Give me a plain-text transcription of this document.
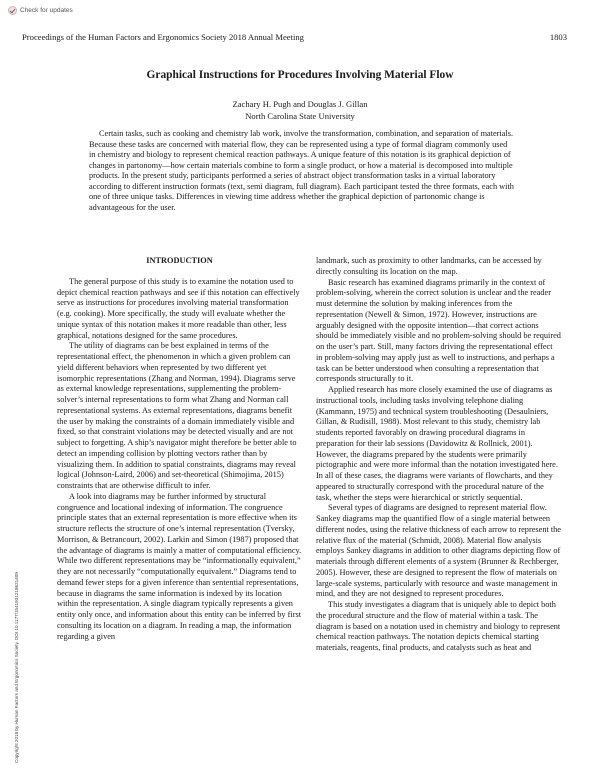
Check for updates
Proceedings of the Human Factors and Ergonomics Society 2018 Annual Meeting	1803
Graphical Instructions for Procedures Involving Material Flow
Zachary H. Pugh and Douglas J. Gillan
North Carolina State University

Certain tasks, such as cooking and chemistry lab work, involve the transformation, combination, and separation of materials. Because these tasks are concerned with material flow, they can be represented using a type of formal diagram commonly used in chemistry and biology to represent chemical reaction pathways. A unique feature of this notation is its graphical depiction of changes in partonomy—how certain materials combine to form a single product, or how a material is decomposed into multiple products. In the present study, participants performed a series of abstract object transformation tasks in a virtual laboratory according to different instruction formats (text, semi diagram, full diagram). Each participant tested the three formats, each with one of three unique tasks. Differences in viewing time address whether the graphical depiction of partonomic change is advantageous for the user.

Copyright 2018 by Human Factors and Ergonomics Society. DOI 10.1177/1541931218621409
INTRODUCTION

The general purpose of this study is to examine the notation used to depict chemical reaction pathways and see if this notation can effectively serve as instructions for procedures involving material transformation (e.g. cooking). More specifically, the study will evaluate whether the unique syntax of this notation makes it more readable than other, less graphical, notations designed for the same procedures.

The utility of diagrams can be best explained in terms of the representational effect, the phenomenon in which a given problem can yield different behaviors when represented by two different yet isomorphic representations (Zhang and Norman, 1994). Diagrams serve as external knowledge representations, supplementing the problem-solver’s internal representations to form what Zhang and Norman call representational systems. As external representations, diagrams benefit the user by making the constraints of a domain immediately visible and fixed, so that constraint violations may be detected visually and are not subject to forgetting. A ship’s navigator might therefore be better able to detect an impending collision by plotting vectors rather than by visualizing them. In addition to spatial constraints, diagrams may reveal logical (Johnson-Laird, 2006) and set-theoretical (Shimojima, 2015) constraints that are otherwise difficult to infer.

A look into diagrams may be further informed by structural congruence and locational indexing of information. The congruence principle states that an external representation is more effective when its structure reflects the structure of one’s internal representation (Tversky, Morrison, & Betrancourt, 2002). Larkin and Simon (1987) proposed that the advantage of diagrams is mainly a matter of computational efficiency. While two different representations may be “informationally equivalent,” they are not necessarily “computationally equivalent.” Diagrams tend to demand fewer steps for a given inference than sentential representations, because in diagrams the same information is indexed by its location within the representation. A single diagram typically represents a given entity only once, and information about this entity can be inferred by first consulting its location on a diagram. In reading a map, the information regarding a given

landmark, such as proximity to other landmarks, can be accessed by directly consulting its location on the map.

Basic research has examined diagrams primarily in the context of problem-solving, wherein the correct solution is unclear and the reader must determine the solution by making inferences from the representation (Newell & Simon, 1972). However, instructions are arguably designed with the opposite intention—that correct actions should be immediately visible and no problem-solving should be required on the user’s part. Still, many factors driving the representational effect in problem-solving may apply just as well to instructions, and perhaps a task can be better understood when consulting a representation that corresponds structurally to it.

Applied research has more closely examined the use of diagrams as instructional tools, including tasks involving telephone dialing (Kammann, 1975) and technical system troubleshooting (Desaulniers, Gillan, & Rudisill, 1988). Most relevant to this study, chemistry lab students reported favorably on drawing procedural diagrams in preparation for their lab sessions (Davidowitz & Rollnick, 2001). However, the diagrams prepared by the students were primarily pictographic and were more informal than the notation investigated here. In all of these cases, the diagrams were variants of flowcharts, and they appeared to structurally correspond with the procedural nature of the task, whether the steps were hierarchical or strictly sequential.

Several types of diagrams are designed to represent material flow. Sankey diagrams map the quantified flow of a single material between different nodes, using the relative thickness of each arrow to represent the relative flux of the material (Schmidt, 2008). Material flow analysis employs Sankey diagrams in addition to other diagrams depicting flow of materials through different elements of a system (Brunner & Rechberger, 2005). However, these are designed to represent the flow of materials on large-scale systems, particularly with resource and waste management in mind, and they are not designed to represent procedures.

This study investigates a diagram that is uniquely able to depict both the procedural structure and the flow of material within a task. The diagram is based on a notation used in chemistry and biology to represent chemical reaction pathways. The notation depicts chemical starting materials, reagents, final products, and catalysts such as heat and
